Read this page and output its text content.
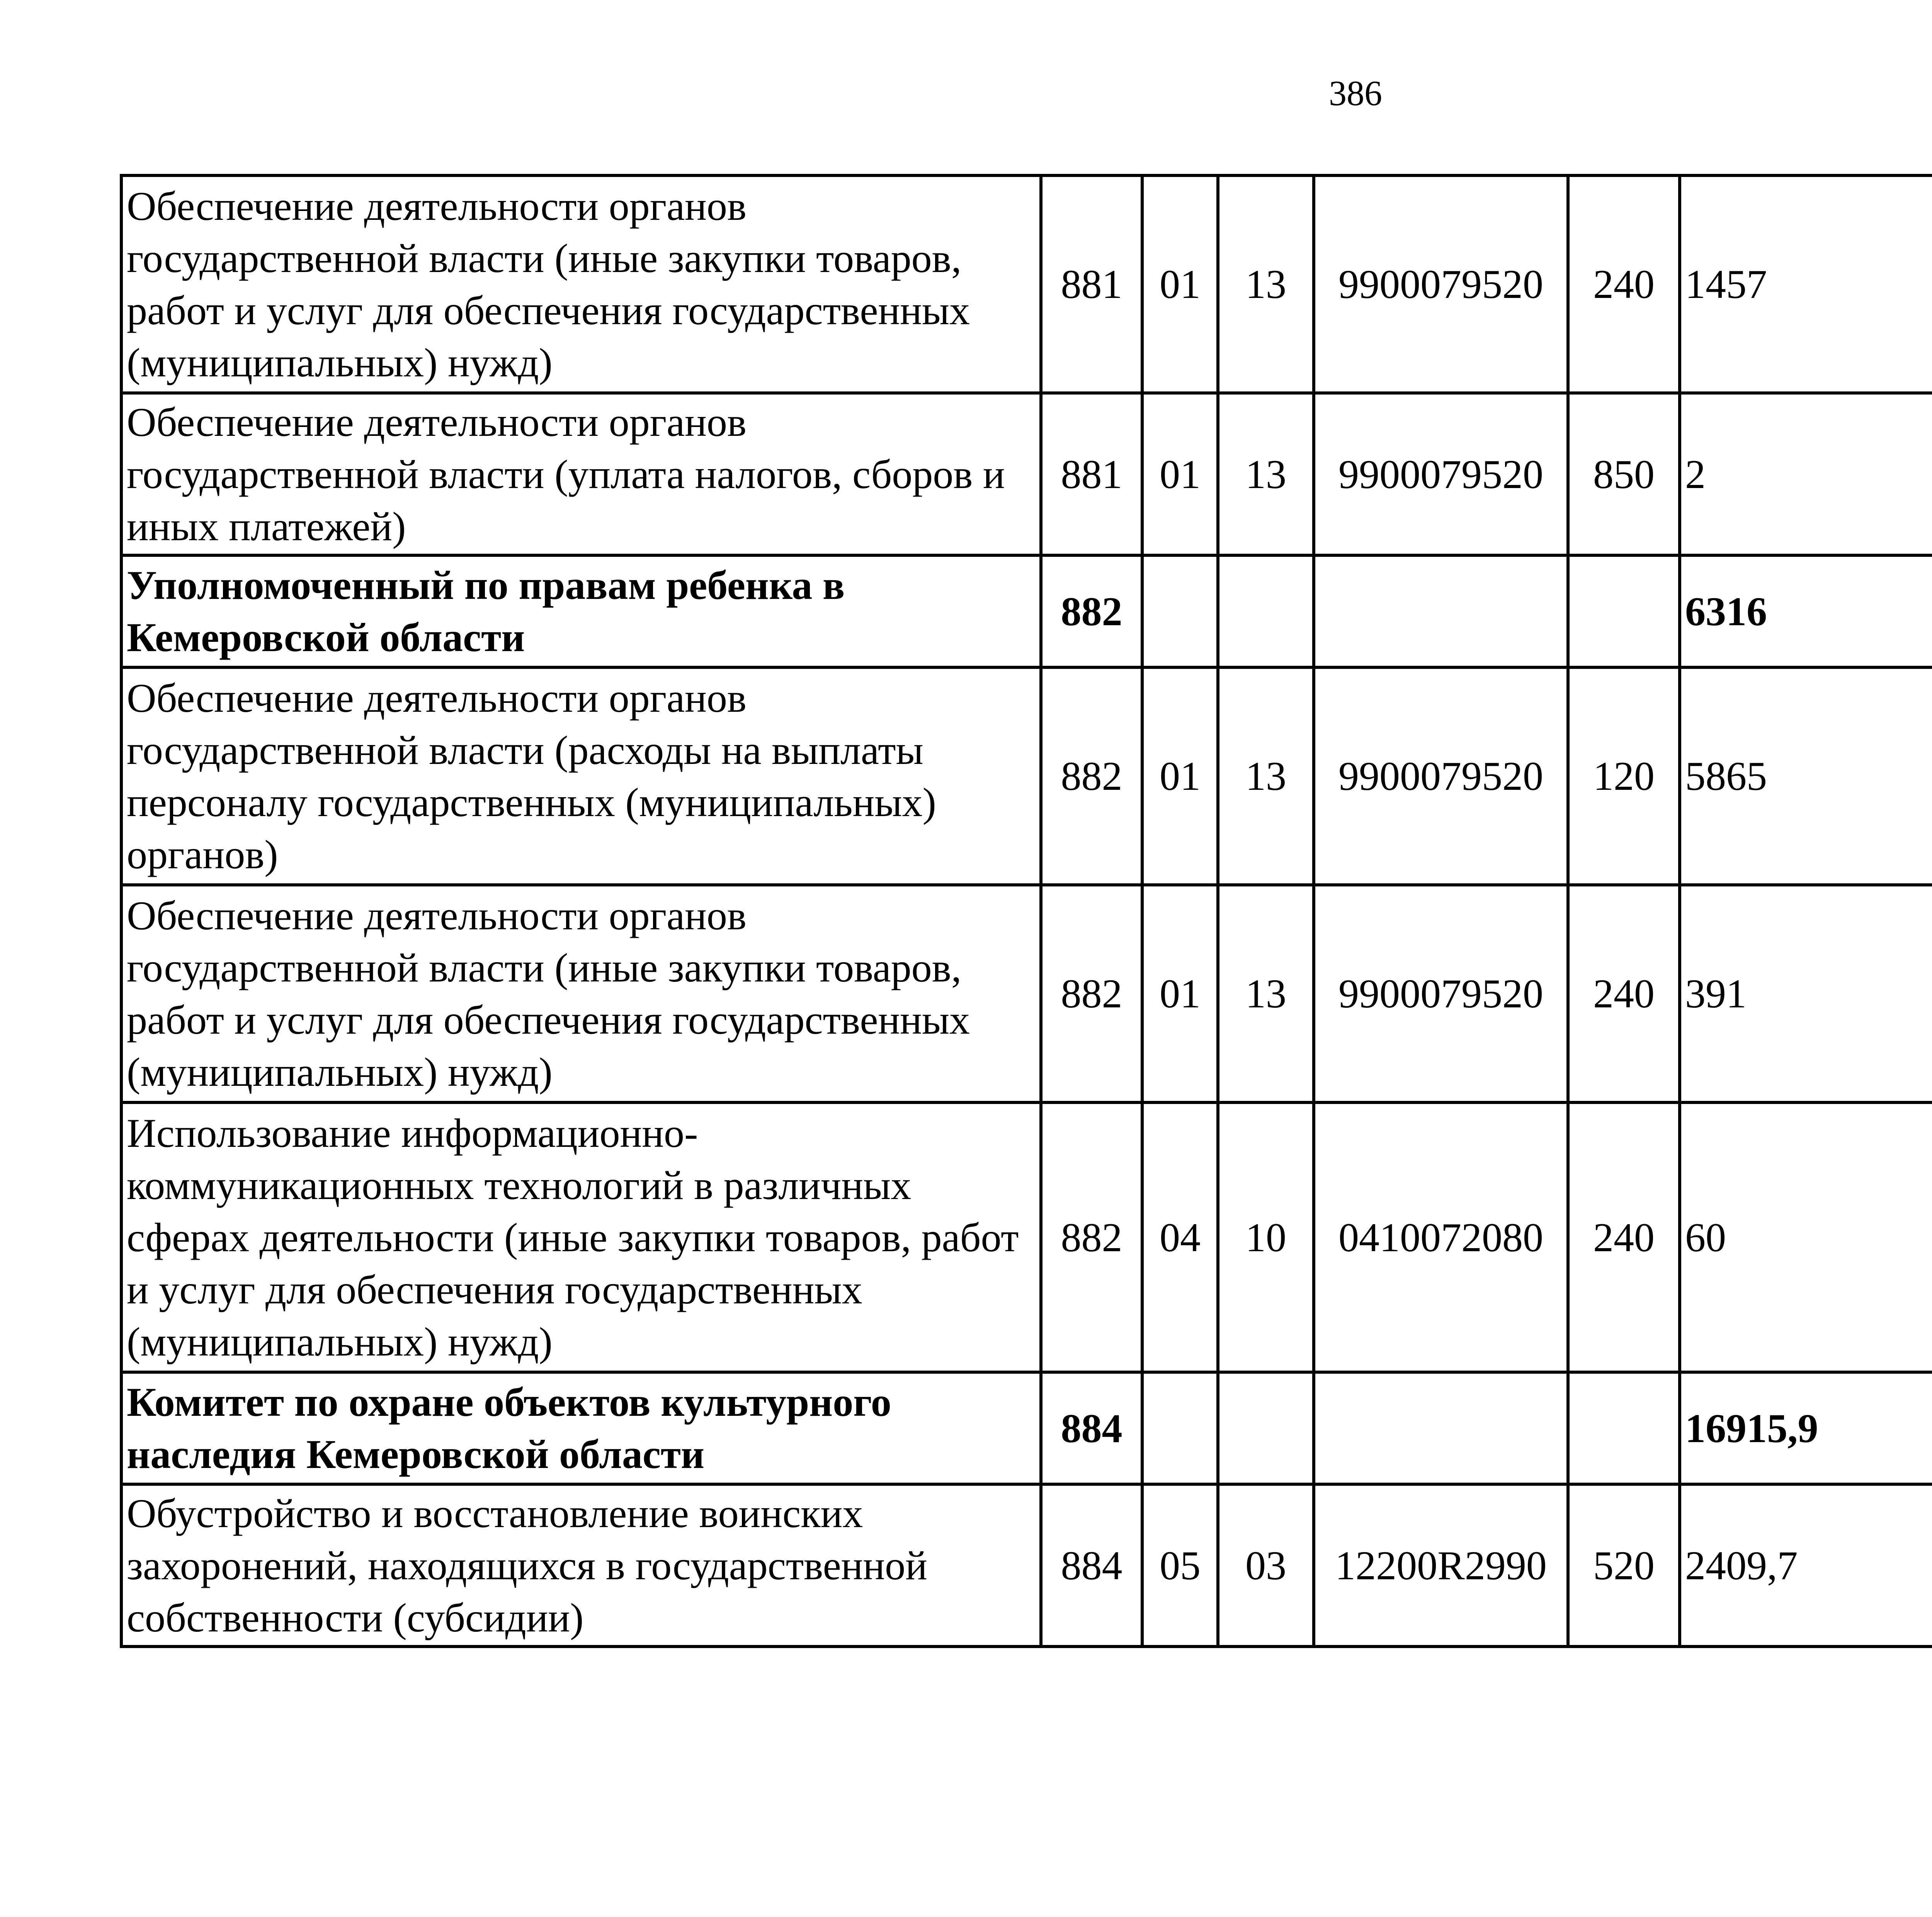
386
Обеспечение деятельности органов государственной власти (иные закупки товаров, работ и услуг для обеспечения государственных (муниципальных) нужд)	881	01	13	9900079520	240	1457		
Обеспечение деятельности органов государственной власти (уплата налогов, сборов и иных платежей)	881	01	13	9900079520	850	2		
Уполномоченный по правам ребенка в Кемеровской области	882					6316		
Обеспечение деятельности органов государственной власти (расходы на выплаты персоналу государственных (муниципальных) органов)	882	01	13	9900079520	120	5865		
Обеспечение деятельности органов государственной власти (иные закупки товаров, работ и услуг для обеспечения государственных (муниципальных) нужд)	882	01	13	9900079520	240	391		
Использование информационно-коммуникационных технологий в различных сферах деятельности (иные закупки товаров, работ и услуг для обеспечения государственных (муниципальных) нужд)	882	04	10	0410072080	240	60		
Комитет по охране объектов культурного наследия Кемеровской области	884					16915,9		
Обустройство и восстановление воинских захоронений, находящихся в государственной собственности (субсидии)	884	05	03	12200R2990	520	2409,7		
